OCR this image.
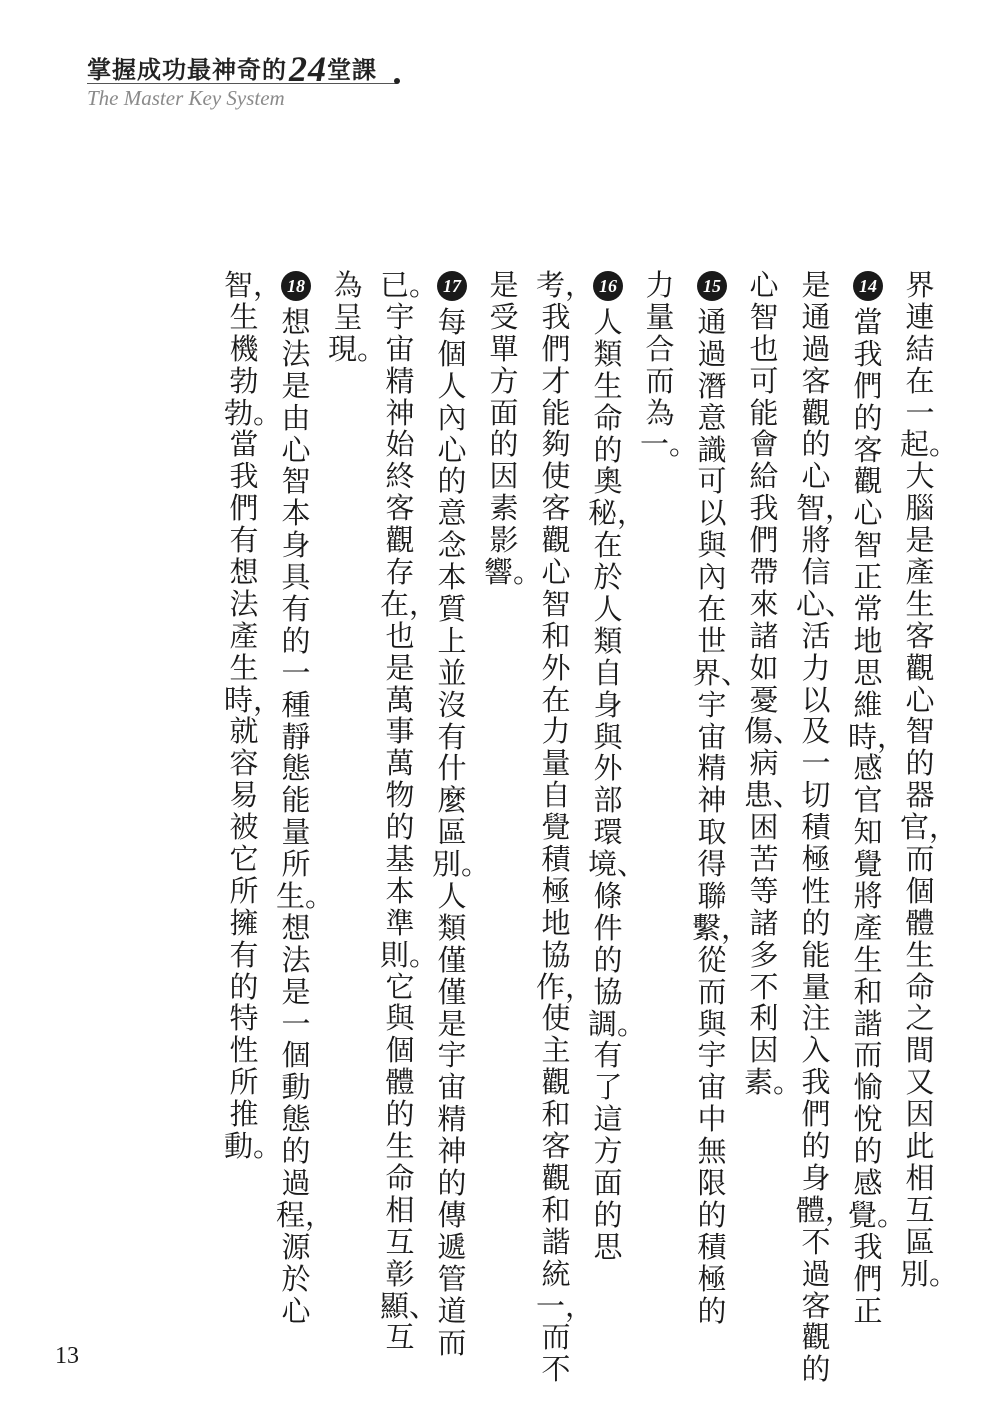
掌握成功最神奇的24堂課
The Master Key System
界連結在一起。大腦是產生客觀心智的器官，而個體生命之間又因此相互區別。
14
當我們的客觀心智正常地思維時，感官知覺將產生和諧而愉悅的感覺。我們正
是通過客觀的心智，將信心、活力以及一切積極性的能量注入我們的身體，不過客觀的
心智也可能會給我們帶來諸如憂傷、病患、困苦等諸多不利因素。
15
通過潛意識可以與內在世界、宇宙精神取得聯繫，從而與宇宙中無限的積極的
力量合而為一。
16
人類生命的奧秘，在於人類自身與外部環境、條件的協調。有了這方面的思
考，我們才能夠使客觀心智和外在力量自覺積極地協作，使主觀和客觀和諧統一，而不
是受單方面的因素影響。
17
每個人內心的意念本質上並沒有什麼區別。人類僅僅是宇宙精神的傳遞管道而
已。宇宙精神始終客觀存在，也是萬事萬物的基本準則。它與個體的生命相互彰顯、互
為呈現。
18
想法是由心智本身具有的一種靜態能量所生。想法是一個動態的過程，源於心
智，生機勃勃。當我們有想法產生時，就容易被它所擁有的特性所推動。
13
